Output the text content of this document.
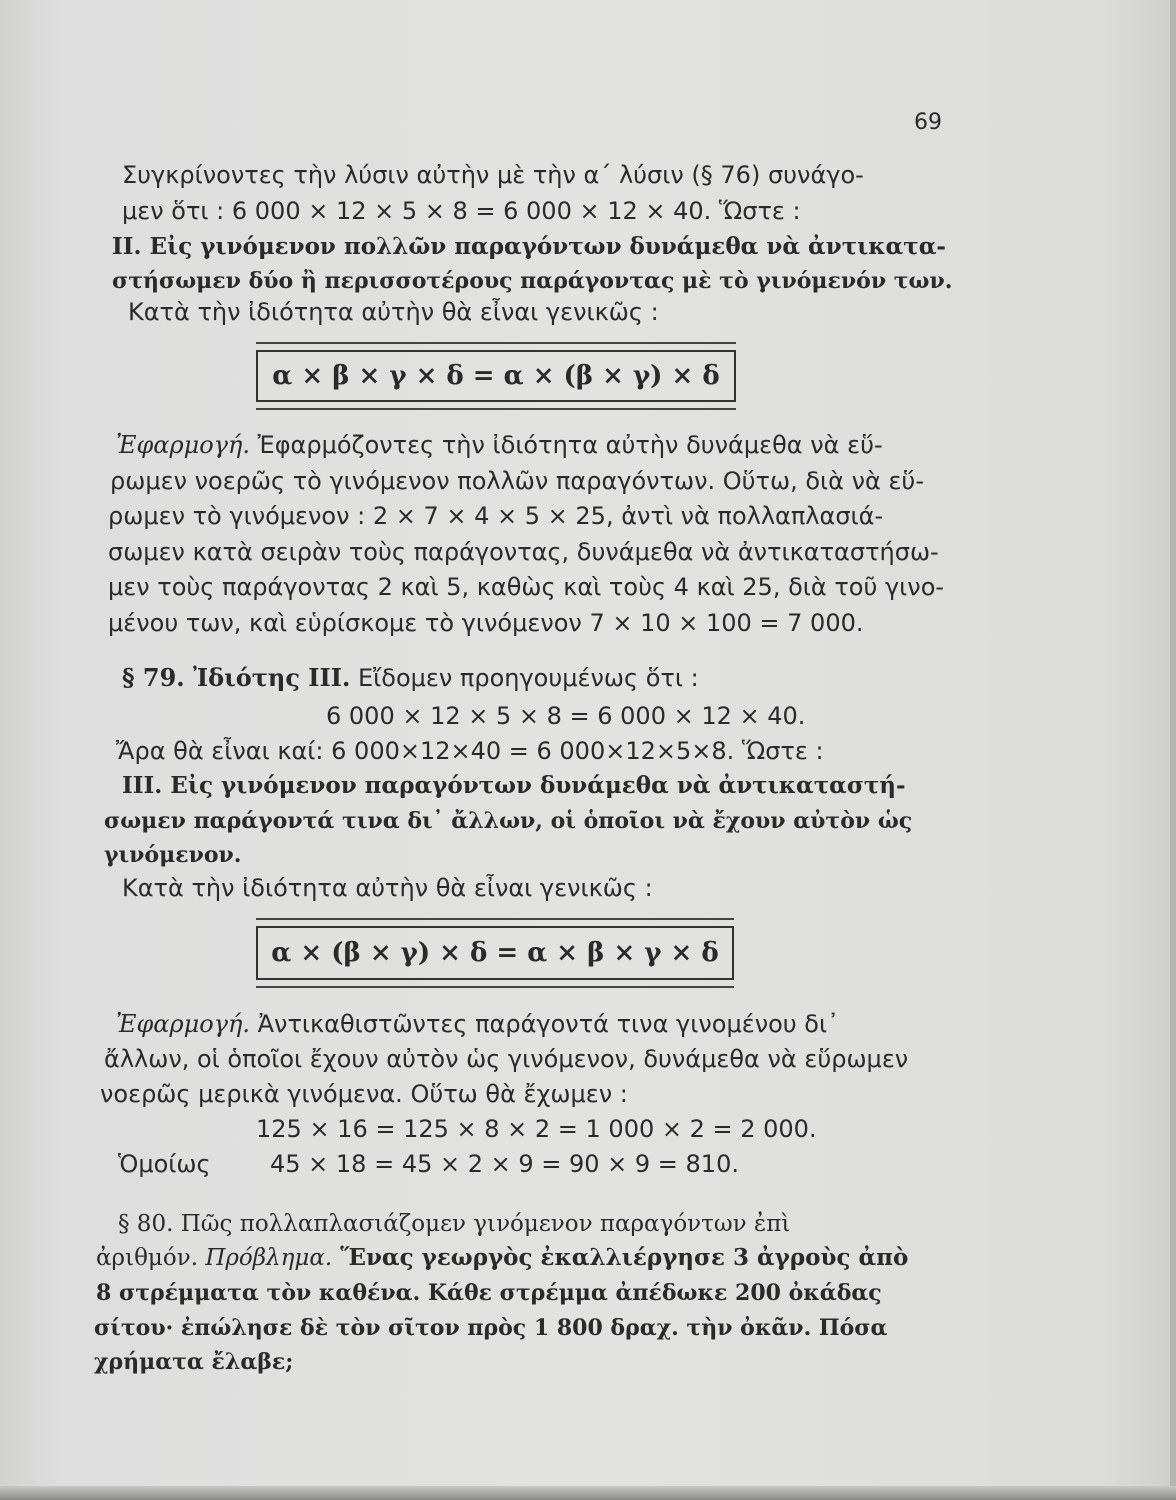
69
Συγκρίνοντες τὴν λύσιν αὐτὴν μὲ τὴν α΄ λύσιν (§ 76) συνάγο-
μεν ὅτι : 6 000 × 12 × 5 × 8 = 6 000 × 12 × 40. Ὥστε :
II. Εἰς γινόμενον πολλῶν παραγόντων δυνάμεθα νὰ ἀντικατα-
στήσωμεν δύο ἢ περισσοτέρους παράγοντας μὲ τὸ γινόμενόν των.
Κατὰ τὴν ἰδιότητα αὐτὴν θὰ εἶναι γενικῶς :
α × β × γ × δ = α × (β × γ) × δ
Ἐφαρμογή. Ἐφαρμόζοντες τὴν ἰδιότητα αὐτὴν δυνάμεθα νὰ εὕ-
ρωμεν νοερῶς τὸ γινόμενον πολλῶν παραγόντων. Οὕτω, διὰ νὰ εὕ-
ρωμεν τὸ γινόμενον : 2 × 7 × 4 × 5 × 25, ἀντὶ νὰ πολλαπλασιά-
σωμεν κατὰ σειρὰν τοὺς παράγοντας, δυνάμεθα νὰ ἀντικαταστήσω-
μεν τοὺς παράγοντας 2 καὶ 5, καθὼς καὶ τοὺς 4 καὶ 25, διὰ τοῦ γινο-
μένου των, καὶ εὑρίσκομε τὸ γινόμενον 7 × 10 × 100 = 7 000.
§ 79. Ἰδιότης III. Εἴδομεν προηγουμένως ὅτι :
6 000 × 12 × 5 × 8 = 6 000 × 12 × 40.
Ἄρα θὰ εἶναι καί: 6 000×12×40 = 6 000×12×5×8. Ὥστε :
III. Εἰς γινόμενον παραγόντων δυνάμεθα νὰ ἀντικαταστή-
σωμεν παράγοντά τινα δι᾽ ἄλλων, οἱ ὁποῖοι νὰ ἔχουν αὐτὸν ὡς
γινόμενον.
Κατὰ τὴν ἰδιότητα αὐτὴν θὰ εἶναι γενικῶς :
α × (β × γ) × δ = α × β × γ × δ
Ἐφαρμογή. Ἀντικαθιστῶντες παράγοντά τινα γινομένου δι᾽
ἄλλων, οἱ ὁποῖοι ἔχουν αὐτὸν ὡς γινόμενον, δυνάμεθα νὰ εὕρωμεν
νοερῶς μερικὰ γινόμενα. Οὕτω θὰ ἔχωμεν :
125 × 16 = 125 × 8 × 2 = 1 000 × 2 = 2 000.
Ὁμοίως 45 × 18 = 45 × 2 × 9 = 90 × 9 = 810.
§ 80. Πῶς πολλαπλασιάζομεν γινόμενον παραγόντων ἐπὶ
ἀριθμόν. Πρόβλημα. Ἕνας γεωργὸς ἐκαλλιέργησε 3 ἀγροὺς ἀπὸ
8 στρέμματα τὸν καθένα. Κάθε στρέμμα ἀπέδωκε 200 ὀκάδας
σίτου· ἐπώλησε δὲ τὸν σῖτον πρὸς 1 800 δραχ. τὴν ὀκᾶν. Πόσα
χρήματα ἔλαβε;
